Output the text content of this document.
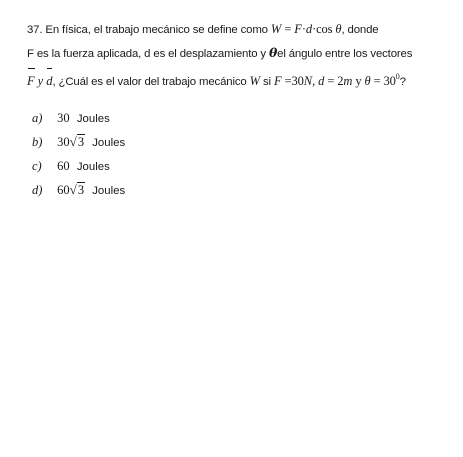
37. En física, el trabajo mecánico se define como W = F·d·cos θ, donde
F es la fuerza aplicada, d es el desplazamiento y θel ángulo entre los vectores
F y d, ¿Cuál es el valor del trabajo mecánico W si F =30N, d = 2m y $\theta = 30^0$?
a) 30 Joules
b) 30√3 Joules
c) 60 Joules
d) 60√3 Joules
